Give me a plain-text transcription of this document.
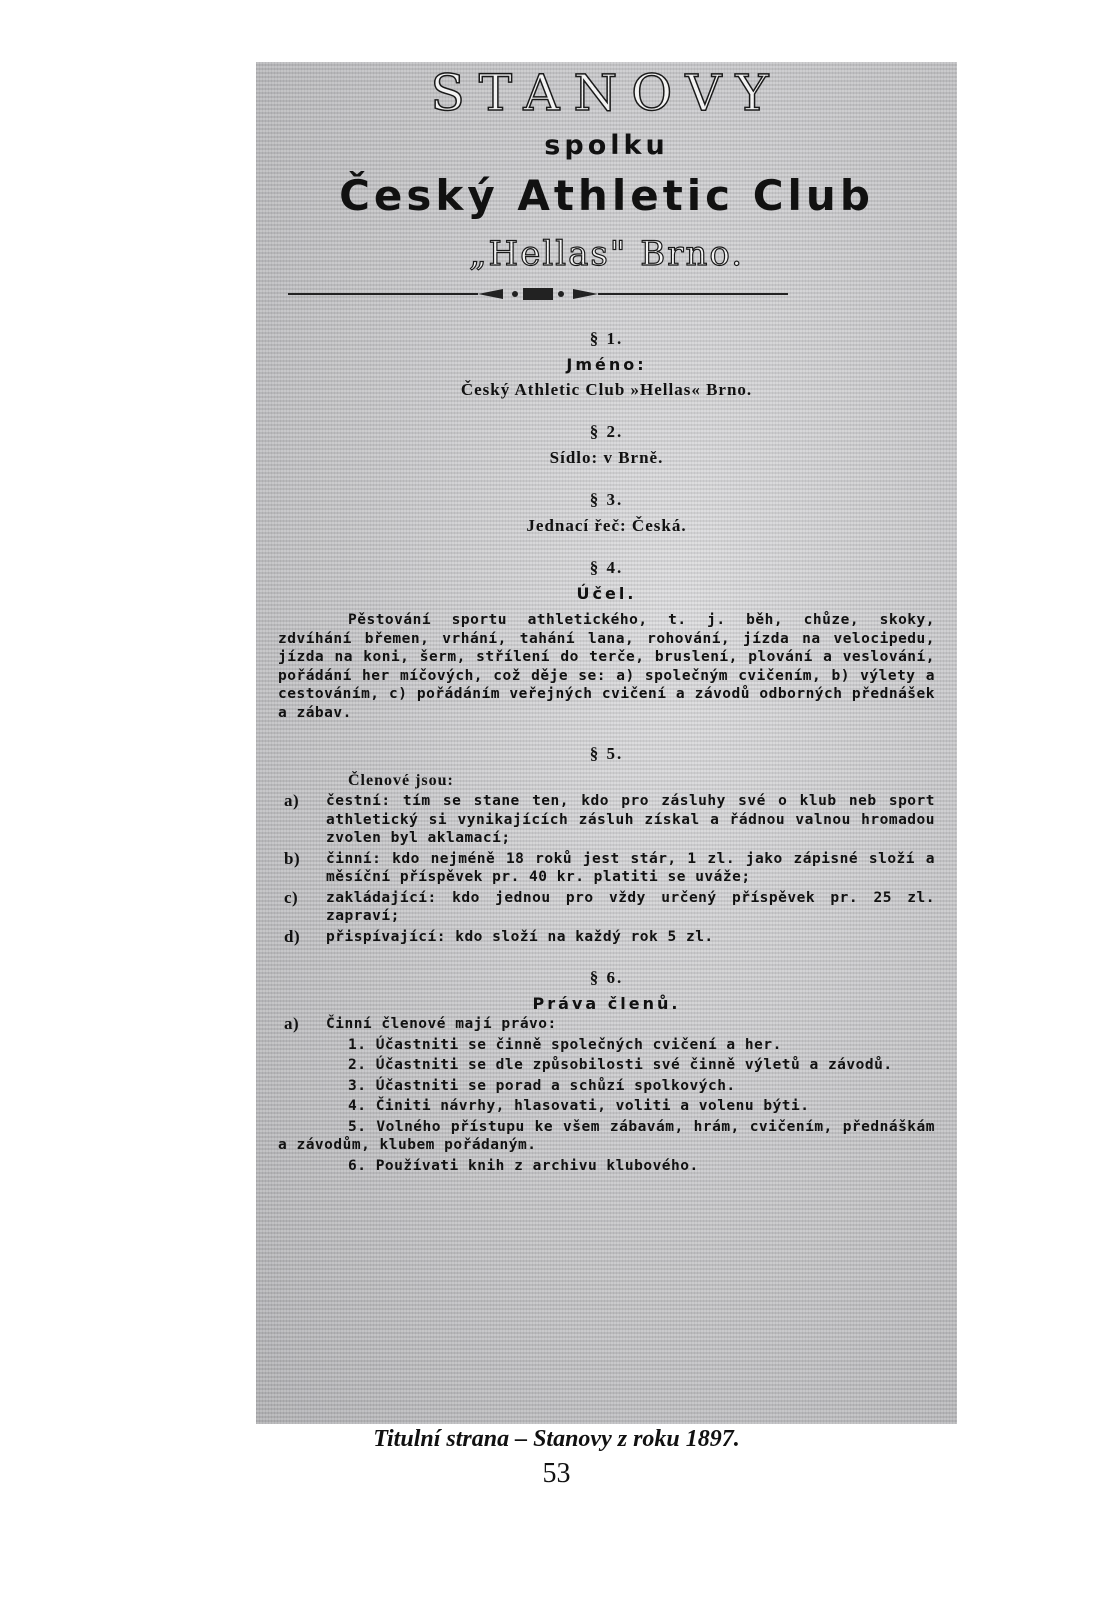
STANOVY
spolku
Český Athletic Club
„Hellas" Brno.
§ 1.
Jméno:
Český Athletic Club »Hellas« Brno.
§ 2.
Sídlo: v Brně.
§ 3.
Jednací řeč: Česká.
§ 4.
Účel.
Pěstování sportu athletického, t. j. běh, chůze, skoky, zdvíhání břemen, vrhání, tahání lana, rohování, jízda na velocipedu, jízda na koni, šerm, střílení do terče, bruslení, plování a veslování, pořádání her míčových, což děje se: a) společným cvičením, b) výlety a cestováním, c) pořádáním veřejných cvičení a závodů odborných přednášek a zábav.
§ 5.
Členové jsou:
a) čestní: tím se stane ten, kdo pro zásluhy své o klub neb sport athletický si vynikajících zásluh získal a řádnou valnou hromadou zvolen byl aklamací;
b) činní: kdo nejméně 18 roků jest stár, 1 zl. jako zápisné složí a měsíční příspěvek pr. 40 kr. platiti se uváže;
c) zakládající: kdo jednou pro vždy určený příspěvek pr. 25 zl. zapraví;
d) přispívající: kdo složí na každý rok 5 zl.
§ 6.
Práva členů.
a) Činní členové mají právo:
1. Účastniti se činně společných cvičení a her.
2. Účastniti se dle způsobilosti své činně výletů a závodů.
3. Účastniti se porad a schůzí spolkových.
4. Činiti návrhy, hlasovati, voliti a volenu býti.
5. Volného přístupu ke všem zábavám, hrám, cvičením, přednáškám a závodům, klubem pořádaným.
6. Používati knih z archivu klubového.
Titulní strana – Stanovy z roku 1897.
53
